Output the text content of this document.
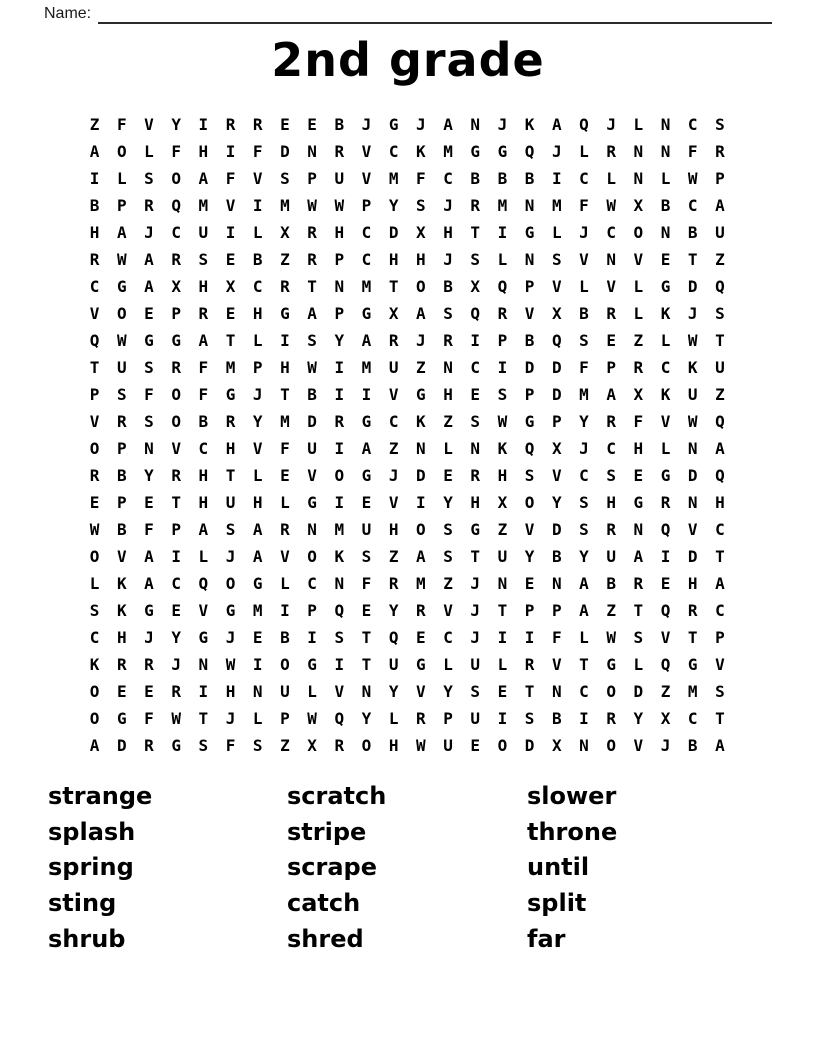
Name:
2nd grade
Z	F	V	Y	I	R	R	E	E	B	J	G	J	A	N	J	K	A	Q	J	L	N	C	S
A	O	L	F	H	I	F	D	N	R	V	C	K	M	G	G	Q	J	L	R	N	N	F	R
I	L	S	O	A	F	V	S	P	U	V	M	F	C	B	B	B	I	C	L	N	L	W	P
B	P	R	Q	M	V	I	M	W	W	P	Y	S	J	R	M	N	M	F	W	X	B	C	A
H	A	J	C	U	I	L	X	R	H	C	D	X	H	T	I	G	L	J	C	O	N	B	U
R	W	A	R	S	E	B	Z	R	P	C	H	H	J	S	L	N	S	V	N	V	E	T	Z
C	G	A	X	H	X	C	R	T	N	M	T	O	B	X	Q	P	V	L	V	L	G	D	Q
V	O	E	P	R	E	H	G	A	P	G	X	A	S	Q	R	V	X	B	R	L	K	J	S
Q	W	G	G	A	T	L	I	S	Y	A	R	J	R	I	P	B	Q	S	E	Z	L	W	T
T	U	S	R	F	M	P	H	W	I	M	U	Z	N	C	I	D	D	F	P	R	C	K	U
P	S	F	O	F	G	J	T	B	I	I	V	G	H	E	S	P	D	M	A	X	K	U	Z
V	R	S	O	B	R	Y	M	D	R	G	C	K	Z	S	W	G	P	Y	R	F	V	W	Q
O	P	N	V	C	H	V	F	U	I	A	Z	N	L	N	K	Q	X	J	C	H	L	N	A
R	B	Y	R	H	T	L	E	V	O	G	J	D	E	R	H	S	V	C	S	E	G	D	Q
E	P	E	T	H	U	H	L	G	I	E	V	I	Y	H	X	O	Y	S	H	G	R	N	H
W	B	F	P	A	S	A	R	N	M	U	H	O	S	G	Z	V	D	S	R	N	Q	V	C
O	V	A	I	L	J	A	V	O	K	S	Z	A	S	T	U	Y	B	Y	U	A	I	D	T
L	K	A	C	Q	O	G	L	C	N	F	R	M	Z	J	N	E	N	A	B	R	E	H	A
S	K	G	E	V	G	M	I	P	Q	E	Y	R	V	J	T	P	P	A	Z	T	Q	R	C
C	H	J	Y	G	J	E	B	I	S	T	Q	E	C	J	I	I	F	L	W	S	V	T	P
K	R	R	J	N	W	I	O	G	I	T	U	G	L	U	L	R	V	T	G	L	Q	G	V
O	E	E	R	I	H	N	U	L	V	N	Y	V	Y	S	E	T	N	C	O	D	Z	M	S
O	G	F	W	T	J	L	P	W	Q	Y	L	R	P	U	I	S	B	I	R	Y	X	C	T
A	D	R	G	S	F	S	Z	X	R	O	H	W	U	E	O	D	X	N	O	V	J	B	A
strange
splash
spring
sting
shrub
scratch
stripe
scrape
catch
shred
slower
throne
until
split
far
